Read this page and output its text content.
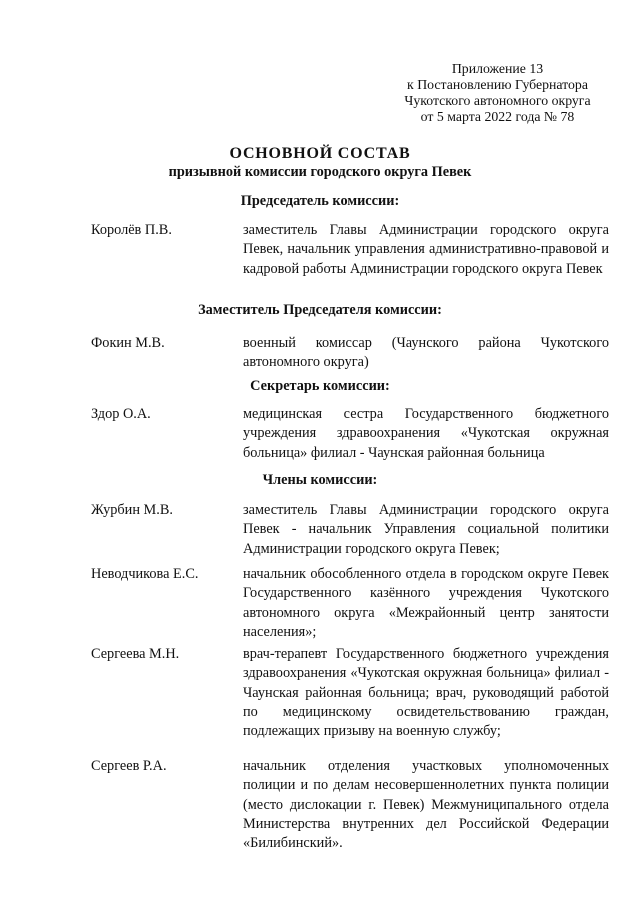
Приложение 13
к Постановлению Губернатора
Чукотского автономного округа
от 5 марта 2022 года № 78
ОСНОВНОЙ СОСТАВ
призывной комиссии городского округа Певек
Председатель комиссии:
Королёв П.В.	заместитель Главы Администрации городского округа Певек, начальник управления административно-правовой и кадровой работы Администрации городского округа Певек
Заместитель Председателя комиссии:
Фокин М.В.	военный комиссар (Чаунского района Чукотского автономного округа)
Секретарь комиссии:
Здор О.А.	медицинская сестра Государственного бюджетного учреждения здравоохранения «Чукотская окружная больница» филиал - Чаунская районная больница
Члены комиссии:
Журбин М.В.	заместитель Главы Администрации городского округа Певек - начальник Управления социальной политики Администрации городского округа Певек;
Неводчикова Е.С.	начальник обособленного отдела в городском округе Певек Государственного казённого учреждения Чукотского автономного округа «Межрайонный центр занятости населения»;
Сергеева М.Н.	врач-терапевт Государственного бюджетного учреждения здравоохранения «Чукотская окружная больница» филиал - Чаунская районная больница; врач, руководящий работой по медицинскому освидетельствованию граждан, подлежащих призыву на военную службу;
Сергеев Р.А.	начальник отделения участковых уполномоченных полиции и по делам несовершеннолетних пункта полиции (место дислокации г. Певек) Межмуниципального отдела Министерства внутренних дел Российской Федерации «Билибинский».
